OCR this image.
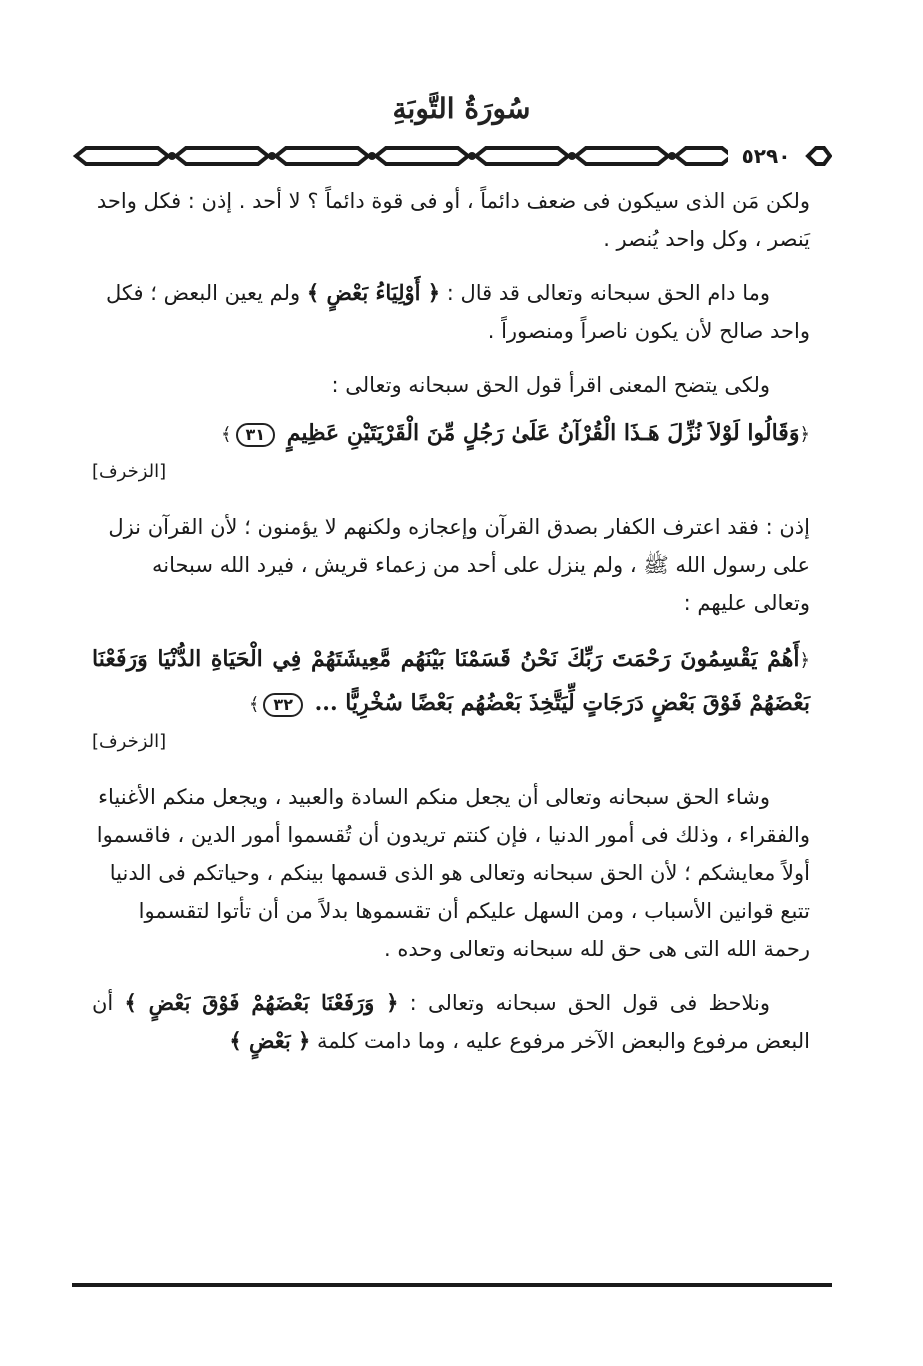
سُورَةُ التَّوبَةِ
٥٢٩٠

ولكن مَن الذى سيكون فى ضعف دائماً ، أو فى قوة دائماً ؟ لا أحد . إذن : فكل واحد يَنصر ، وكل واحد يُنصر .

وما دام الحق سبحانه وتعالى قد قال : ﴿ أَوْلِيَاءُ بَعْضٍ ﴾ ولم يعين البعض ؛ فكل واحد صالح لأن يكون ناصراً ومنصوراً .

ولكى يتضح المعنى اقرأ قول الحق سبحانه وتعالى :

﴿وَقَالُوا لَوْلاَ نُزِّلَ هَـذَا الْقُرْآنُ عَلَىٰ رَجُلٍ مِّنَ الْقَرْيَتَيْنِ عَظِيمٍ ٣١﴾

[الزخرف]

إذن : فقد اعترف الكفار بصدق القرآن وإعجازه ولكنهم لا يؤمنون ؛ لأن القرآن نزل على رسول الله ﷺ ، ولم ينزل على أحد من زعماء قريش ، فيرد الله سبحانه وتعالى عليهم :

﴿أَهُمْ يَقْسِمُونَ رَحْمَتَ رَبِّكَ نَحْنُ قَسَمْنَا بَيْنَهُم مَّعِيشَتَهُمْ فِي الْحَيَاةِ الدُّنْيَا وَرَفَعْنَا بَعْضَهُمْ فَوْقَ بَعْضٍ دَرَجَاتٍ لِّيَتَّخِذَ بَعْضُهُم بَعْضًا سُخْرِيًّا ... ٣٢﴾

[الزخرف]

وشاء الحق سبحانه وتعالى أن يجعل منكم السادة والعبيد ، ويجعل منكم الأغنياء والفقراء ، وذلك فى أمور الدنيا ، فإن كنتم تريدون أن تُقسموا أمور الدين ، فاقسموا أولاً معايشكم ؛ لأن الحق سبحانه وتعالى هو الذى قسمها بينكم ، وحياتكم فى الدنيا تتبع قوانين الأسباب ، ومن السهل عليكم أن تقسموها بدلاً من أن تأتوا لتقسموا رحمة الله التى هى حق لله سبحانه وتعالى وحده .

ونلاحظ فى قول الحق سبحانه وتعالى : ﴿ وَرَفَعْنَا بَعْضَهُمْ فَوْقَ بَعْضٍ ﴾ أن البعض مرفوع والبعض الآخر مرفوع عليه ، وما دامت كلمة ﴿ بَعْضٍ ﴾
